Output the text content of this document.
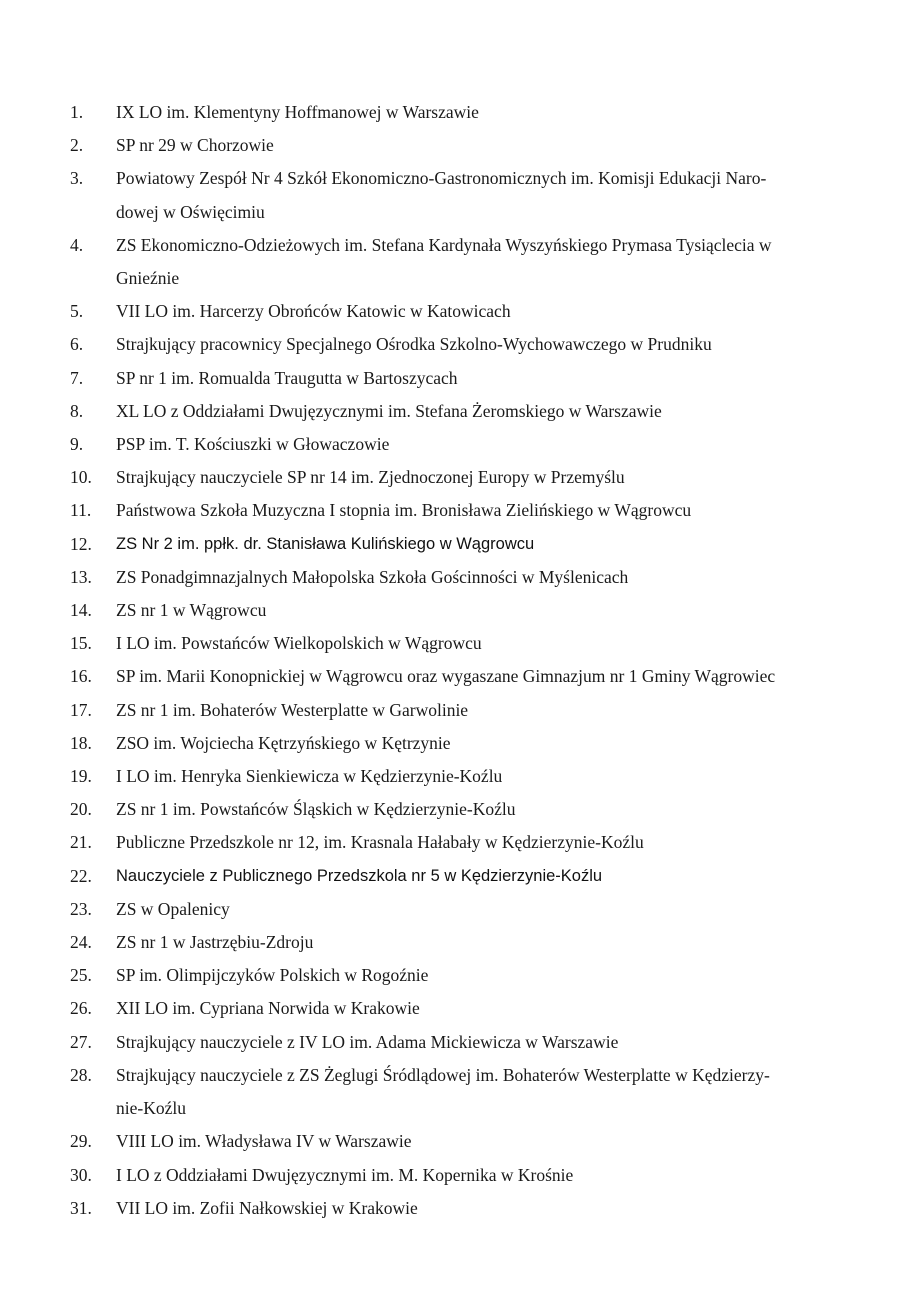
1.	IX LO im. Klementyny Hoffmanowej w Warszawie
2.	SP nr 29 w Chorzowie
3.	Powiatowy Zespół Nr 4 Szkół Ekonomiczno-Gastronomicznych im. Komisji Edukacji Naro-
dowej w Oświęcimiu
4.	ZS Ekonomiczno-Odzieżowych im. Stefana Kardynała Wyszyńskiego Prymasa Tysiąclecia w
Gnieźnie
5.	VII LO im. Harcerzy Obrońców Katowic w Katowicach
6.	Strajkujący pracownicy Specjalnego Ośrodka Szkolno-Wychowawczego w Prudniku
7.	SP nr 1 im. Romualda Traugutta w Bartoszycach
8.	XL LO z Oddziałami Dwujęzycznymi im. Stefana Żeromskiego w Warszawie
9.	PSP im. T. Kościuszki w Głowaczowie
10.	Strajkujący nauczyciele SP nr 14 im. Zjednoczonej Europy w Przemyślu
11.	Państwowa Szkoła Muzyczna I stopnia im. Bronisława Zielińskiego w Wągrowcu
12.	ZS Nr 2 im. ppłk. dr. Stanisława Kulińskiego w Wągrowcu
13.	ZS Ponadgimnazjalnych Małopolska Szkoła Gościnności w Myślenicach
14.	ZS nr 1 w Wągrowcu
15.	I LO im. Powstańców Wielkopolskich w Wągrowcu
16.	SP im. Marii Konopnickiej w Wągrowcu oraz wygaszane Gimnazjum nr 1 Gminy Wągrowiec
17.	ZS nr 1 im. Bohaterów Westerplatte w Garwolinie
18.	ZSO im. Wojciecha Kętrzyńskiego w Kętrzynie
19.	I LO im. Henryka Sienkiewicza w Kędzierzynie-Koźlu
20.	ZS nr 1 im. Powstańców Śląskich w Kędzierzynie-Koźlu
21.	Publiczne Przedszkole nr 12, im. Krasnala Hałabały w Kędzierzynie-Koźlu
22.	Nauczyciele z Publicznego Przedszkola nr 5 w Kędzierzynie-Koźlu
23.	ZS w Opalenicy
24.	ZS nr 1 w Jastrzębiu-Zdroju
25.	SP im. Olimpijczyków Polskich w Rogoźnie
26.	XII LO im. Cypriana Norwida w Krakowie
27.	Strajkujący nauczyciele z IV LO im. Adama Mickiewicza w Warszawie
28.	Strajkujący nauczyciele z ZS Żeglugi Śródlądowej im. Bohaterów Westerplatte w Kędzierzy-
nie-Koźlu
29.	VIII LO im. Władysława IV w Warszawie
30.	I LO z Oddziałami Dwujęzycznymi im. M. Kopernika w Krośnie
31.	VII LO im. Zofii Nałkowskiej w Krakowie
